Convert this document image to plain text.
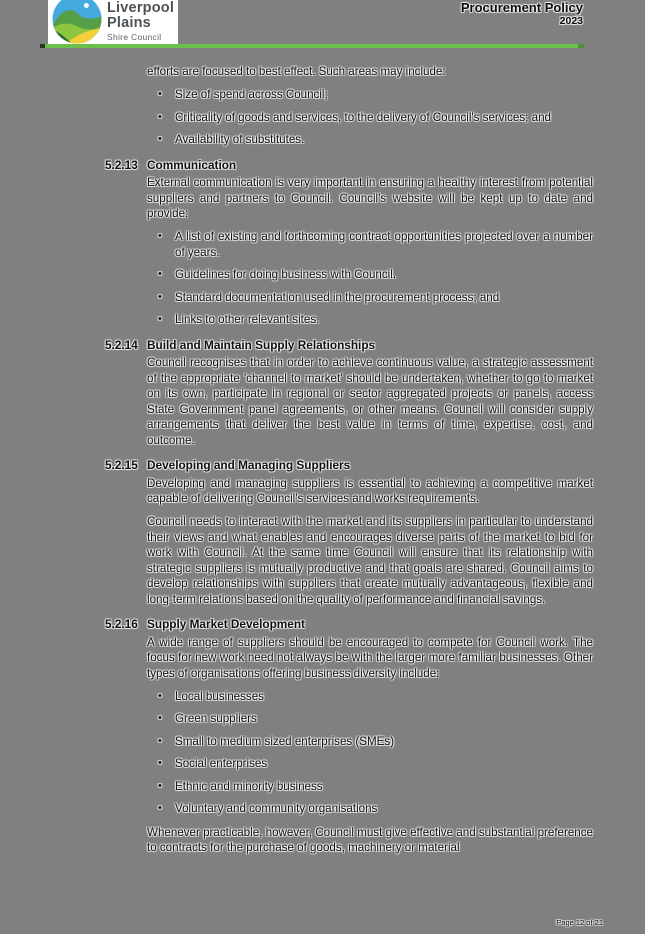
Liverpool
Plains
Shire Council
Procurement Policy
2023
efforts are focused to best effect. Such areas may include:
• Size of spend across Council;
• Criticality of goods and services, to the delivery of Council's services; and
• Availability of substitutes.
5.2.13 Communication
External communication is very important in ensuring a healthy interest from potential suppliers and partners to Council. Council's website will be kept up to date and provide:
• A list of existing and forthcoming contract opportunities projected over a number of years.
• Guidelines for doing business with Council.
• Standard documentation used in the procurement process; and
• Links to other relevant sites.
5.2.14 Build and Maintain Supply Relationships
Council recognises that in order to achieve continuous value, a strategic assessment of the appropriate 'channel to market' should be undertaken, whether to go to market on its own, participate in regional or sector aggregated projects or panels, access State Government panel agreements, or other means. Council will consider supply arrangements that deliver the best value in terms of time, expertise, cost, and outcome.
5.2.15 Developing and Managing Suppliers
Developing and managing suppliers is essential to achieving a competitive market capable of delivering Council's services and works requirements.
Council needs to interact with the market and its suppliers in particular to understand their views and what enables and encourages diverse parts of the market to bid for work with Council. At the same time Council will ensure that its relationship with strategic suppliers is mutually productive and that goals are shared. Council aims to develop relationships with suppliers that create mutually advantageous, flexible and long-term relations based on the quality of performance and financial savings.
5.2.16 Supply Market Development
A wide range of suppliers should be encouraged to compete for Council work. The focus for new work need not always be with the larger more familiar businesses. Other types of organisations offering business diversity include:
• Local businesses
• Green suppliers
• Small to medium sized enterprises (SMEs)
• Social enterprises
• Ethnic and minority business
• Voluntary and community organisations
Whenever practicable, however, Council must give effective and substantial preference to contracts for the purchase of goods, machinery or material
Page 12 of 21
